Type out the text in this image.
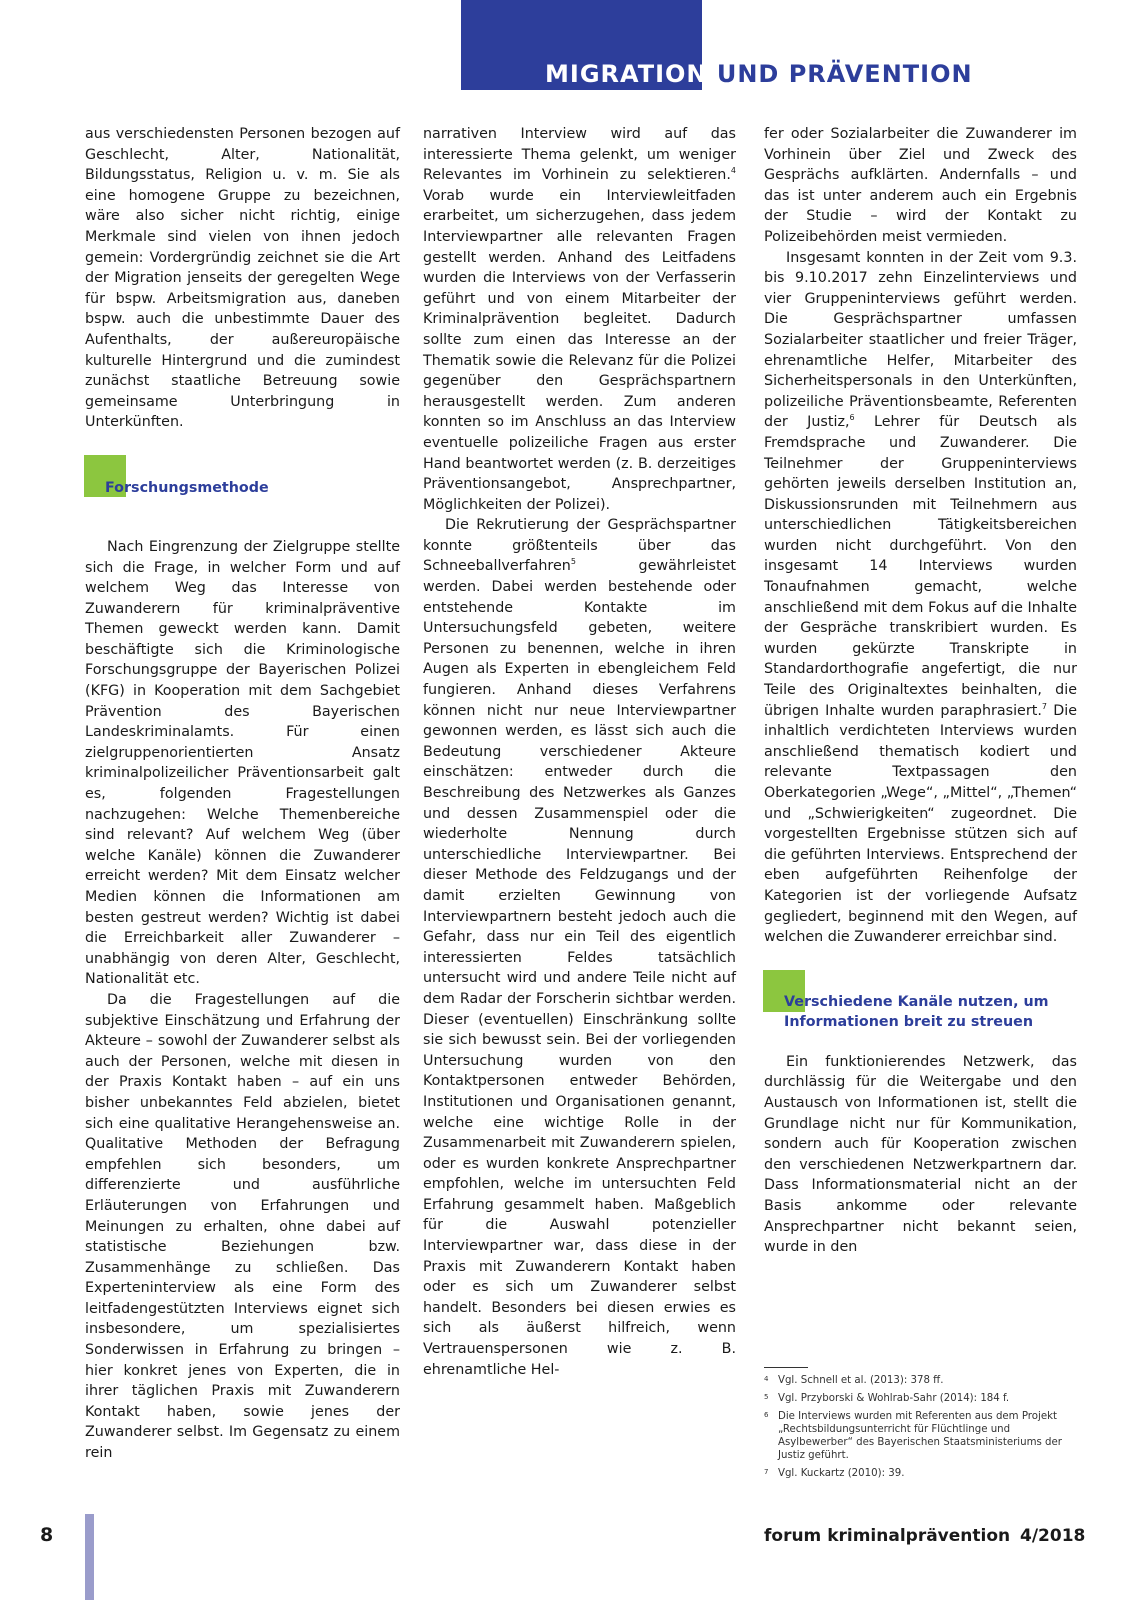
MIGRATION UND PRÄVENTION

aus verschiedensten Personen bezogen auf Geschlecht, Alter, Nationalität, Bildungsstatus, Religion u. v. m. Sie als eine homogene Gruppe zu bezeichnen, wäre also sicher nicht richtig, einige Merkmale sind vielen von ihnen jedoch gemein: Vordergründig zeichnet sie die Art der Migration jenseits der geregelten Wege für bspw. Arbeitsmigration aus, daneben bspw. auch die unbestimmte Dauer des Aufenthalts, der außereuropäische kulturelle Hintergrund und die zumindest zunächst staatliche Betreuung sowie gemeinsame Unterbringung in Unterkünften.

Forschungsmethode

Nach Eingrenzung der Zielgruppe stellte sich die Frage, in welcher Form und auf welchem Weg das Interesse von Zuwanderern für kriminalpräventive Themen geweckt werden kann. Damit beschäftigte sich die Kriminologische Forschungsgruppe der Bayerischen Polizei (KFG) in Kooperation mit dem Sachgebiet Prävention des Bayerischen Landeskriminalamts. Für einen zielgruppenorientierten Ansatz kriminalpolizeilicher Präventionsarbeit galt es, folgenden Fragestellungen nachzugehen: Welche Themenbereiche sind relevant? Auf welchem Weg (über welche Kanäle) können die Zuwanderer erreicht werden? Mit dem Einsatz welcher Medien können die Informationen am besten gestreut werden? Wichtig ist dabei die Erreichbarkeit aller Zuwanderer – unabhängig von deren Alter, Geschlecht, Nationalität etc.

Da die Fragestellungen auf die subjektive Einschätzung und Erfahrung der Akteure – sowohl der Zuwanderer selbst als auch der Personen, welche mit diesen in der Praxis Kontakt haben – auf ein uns bisher unbekanntes Feld abzielen, bietet sich eine qualitative Herangehensweise an. Qualitative Methoden der Befragung empfehlen sich besonders, um differenzierte und ausführliche Erläuterungen von Erfahrungen und Meinungen zu erhalten, ohne dabei auf statistische Beziehungen bzw. Zusammenhänge zu schließen. Das Experteninterview als eine Form des leitfadengestützten Interviews eignet sich insbesondere, um spezialisiertes Sonderwissen in Erfahrung zu bringen – hier konkret jenes von Experten, die in ihrer täglichen Praxis mit Zuwanderern Kontakt haben, sowie jenes der Zuwanderer selbst. Im Gegensatz zu einem rein

narrativen Interview wird auf das interessierte Thema gelenkt, um weniger Relevantes im Vorhinein zu selektieren.$^4$ Vorab wurde ein Interviewleitfaden erarbeitet, um sicherzugehen, dass jedem Interviewpartner alle relevanten Fragen gestellt werden. Anhand des Leitfadens wurden die Interviews von der Verfasserin geführt und von einem Mitarbeiter der Kriminalprävention begleitet. Dadurch sollte zum einen das Interesse an der Thematik sowie die Relevanz für die Polizei gegenüber den Gesprächspartnern herausgestellt werden. Zum anderen konnten so im Anschluss an das Interview eventuelle polizeiliche Fragen aus erster Hand beantwortet werden (z. B. derzeitiges Präventionsangebot, Ansprechpartner, Möglichkeiten der Polizei).

Die Rekrutierung der Gesprächspartner konnte größtenteils über das Schneeballverfahren$^5$ gewährleistet werden. Dabei werden bestehende oder entstehende Kontakte im Untersuchungsfeld gebeten, weitere Personen zu benennen, welche in ihren Augen als Experten in ebengleichem Feld fungieren. Anhand dieses Verfahrens können nicht nur neue Interviewpartner gewonnen werden, es lässt sich auch die Bedeutung verschiedener Akteure einschätzen: entweder durch die Beschreibung des Netzwerkes als Ganzes und dessen Zusammenspiel oder die wiederholte Nennung durch unterschiedliche Interviewpartner. Bei dieser Methode des Feldzugangs und der damit erzielten Gewinnung von Interviewpartnern besteht jedoch auch die Gefahr, dass nur ein Teil des eigentlich interessierten Feldes tatsächlich untersucht wird und andere Teile nicht auf dem Radar der Forscherin sichtbar werden. Dieser (eventuellen) Einschränkung sollte sie sich bewusst sein. Bei der vorliegenden Untersuchung wurden von den Kontaktpersonen entweder Behörden, Institutionen und Organisationen genannt, welche eine wichtige Rolle in der Zusammenarbeit mit Zuwanderern spielen, oder es wurden konkrete Ansprechpartner empfohlen, welche im untersuchten Feld Erfahrung gesammelt haben. Maßgeblich für die Auswahl potenzieller Interviewpartner war, dass diese in der Praxis mit Zuwanderern Kontakt haben oder es sich um Zuwanderer selbst handelt. Besonders bei diesen erwies es sich als äußerst hilfreich, wenn Vertrauenspersonen wie z. B. ehrenamtliche Hel-

fer oder Sozialarbeiter die Zuwanderer im Vorhinein über Ziel und Zweck des Gesprächs aufklärten. Andernfalls – und das ist unter anderem auch ein Ergebnis der Studie – wird der Kontakt zu Polizeibehörden meist vermieden.

Insgesamt konnten in der Zeit vom 9.3. bis 9.10.2017 zehn Einzelinterviews und vier Gruppeninterviews geführt werden. Die Gesprächspartner umfassen Sozialarbeiter staatlicher und freier Träger, ehrenamtliche Helfer, Mitarbeiter des Sicherheitspersonals in den Unterkünften, polizeiliche Präventionsbeamte, Referenten der Justiz,$^6$ Lehrer für Deutsch als Fremdsprache und Zuwanderer. Die Teilnehmer der Gruppeninterviews gehörten jeweils derselben Institution an, Diskussionsrunden mit Teilnehmern aus unterschiedlichen Tätigkeitsbereichen wurden nicht durchgeführt. Von den insgesamt 14 Interviews wurden Tonaufnahmen gemacht, welche anschließend mit dem Fokus auf die Inhalte der Gespräche transkribiert wurden. Es wurden gekürzte Transkripte in Standardorthografie angefertigt, die nur Teile des Originaltextes beinhalten, die übrigen Inhalte wurden paraphrasiert.$^7$ Die inhaltlich verdichteten Interviews wurden anschließend thematisch kodiert und relevante Textpassagen den Oberkategorien „Wege“, „Mittel“, „Themen“ und „Schwierigkeiten“ zugeordnet. Die vorgestellten Ergebnisse stützen sich auf die geführten Interviews. Entsprechend der eben aufgeführten Reihenfolge der Kategorien ist der vorliegende Aufsatz gegliedert, beginnend mit den Wegen, auf welchen die Zuwanderer erreichbar sind.

Verschiedene Kanäle nutzen, um Informationen breit zu streuen

Ein funktionierendes Netzwerk, das durchlässig für die Weitergabe und den Austausch von Informationen ist, stellt die Grundlage nicht nur für Kommunikation, sondern auch für Kooperation zwischen den verschiedenen Netzwerkpartnern dar. Dass Informationsmaterial nicht an der Basis ankomme oder relevante Ansprechpartner nicht bekannt seien, wurde in den

4 Vgl. Schnell et al. (2013): 378 ff.
5 Vgl. Przyborski & Wohlrab-Sahr (2014): 184 f.
6 Die Interviews wurden mit Referenten aus dem Projekt „Rechtsbildungsunterricht für Flüchtlinge und Asylbewerber“ des Bayerischen Staatsministeriums der Justiz geführt.
7 Vgl. Kuckartz (2010): 39.
8	forum kriminalprävention 4/2018
